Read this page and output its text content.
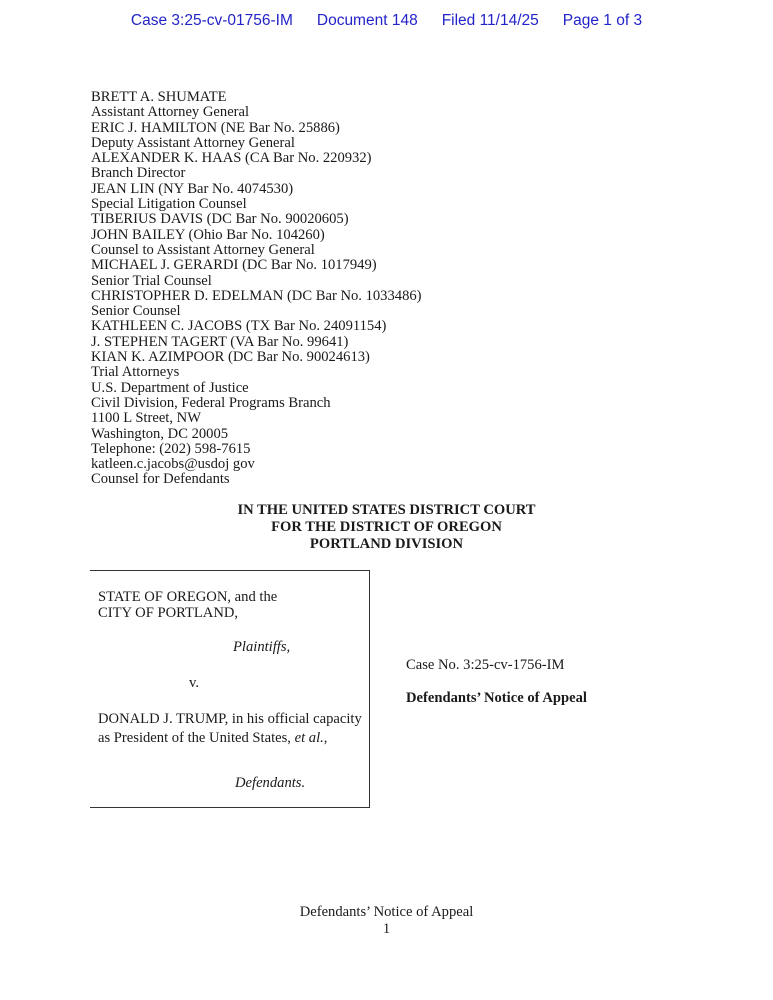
Case 3:25-cv-01756-IM Document 148 Filed 11/14/25 Page 1 of 3
BRETT A. SHUMATE
Assistant Attorney General
ERIC J. HAMILTON (NE Bar No. 25886)
Deputy Assistant Attorney General
ALEXANDER K. HAAS (CA Bar No. 220932)
Branch Director
JEAN LIN (NY Bar No. 4074530)
Special Litigation Counsel
TIBERIUS DAVIS (DC Bar No. 90020605)
JOHN BAILEY (Ohio Bar No. 104260)
Counsel to Assistant Attorney General
MICHAEL J. GERARDI (DC Bar No. 1017949)
Senior Trial Counsel
CHRISTOPHER D. EDELMAN (DC Bar No. 1033486)
Senior Counsel
KATHLEEN C. JACOBS (TX Bar No. 24091154)
J. STEPHEN TAGERT (VA Bar No. 99641)
KIAN K. AZIMPOOR (DC Bar No. 90024613)
Trial Attorneys
U.S. Department of Justice
Civil Division, Federal Programs Branch
1100 L Street, NW
Washington, DC 20005
Telephone: (202) 598-7615
katleen.c.jacobs@usdoj gov
Counsel for Defendants
IN THE UNITED STATES DISTRICT COURT
FOR THE DISTRICT OF OREGON
PORTLAND DIVISION
STATE OF OREGON, and the
CITY OF PORTLAND,
Plaintiffs,
v.
DONALD J. TRUMP, in his official capacity as President of the United States, et al.,
Defendants.
Case No. 3:25-cv-1756-IM
Defendants’ Notice of Appeal
Defendants’ Notice of Appeal
1
